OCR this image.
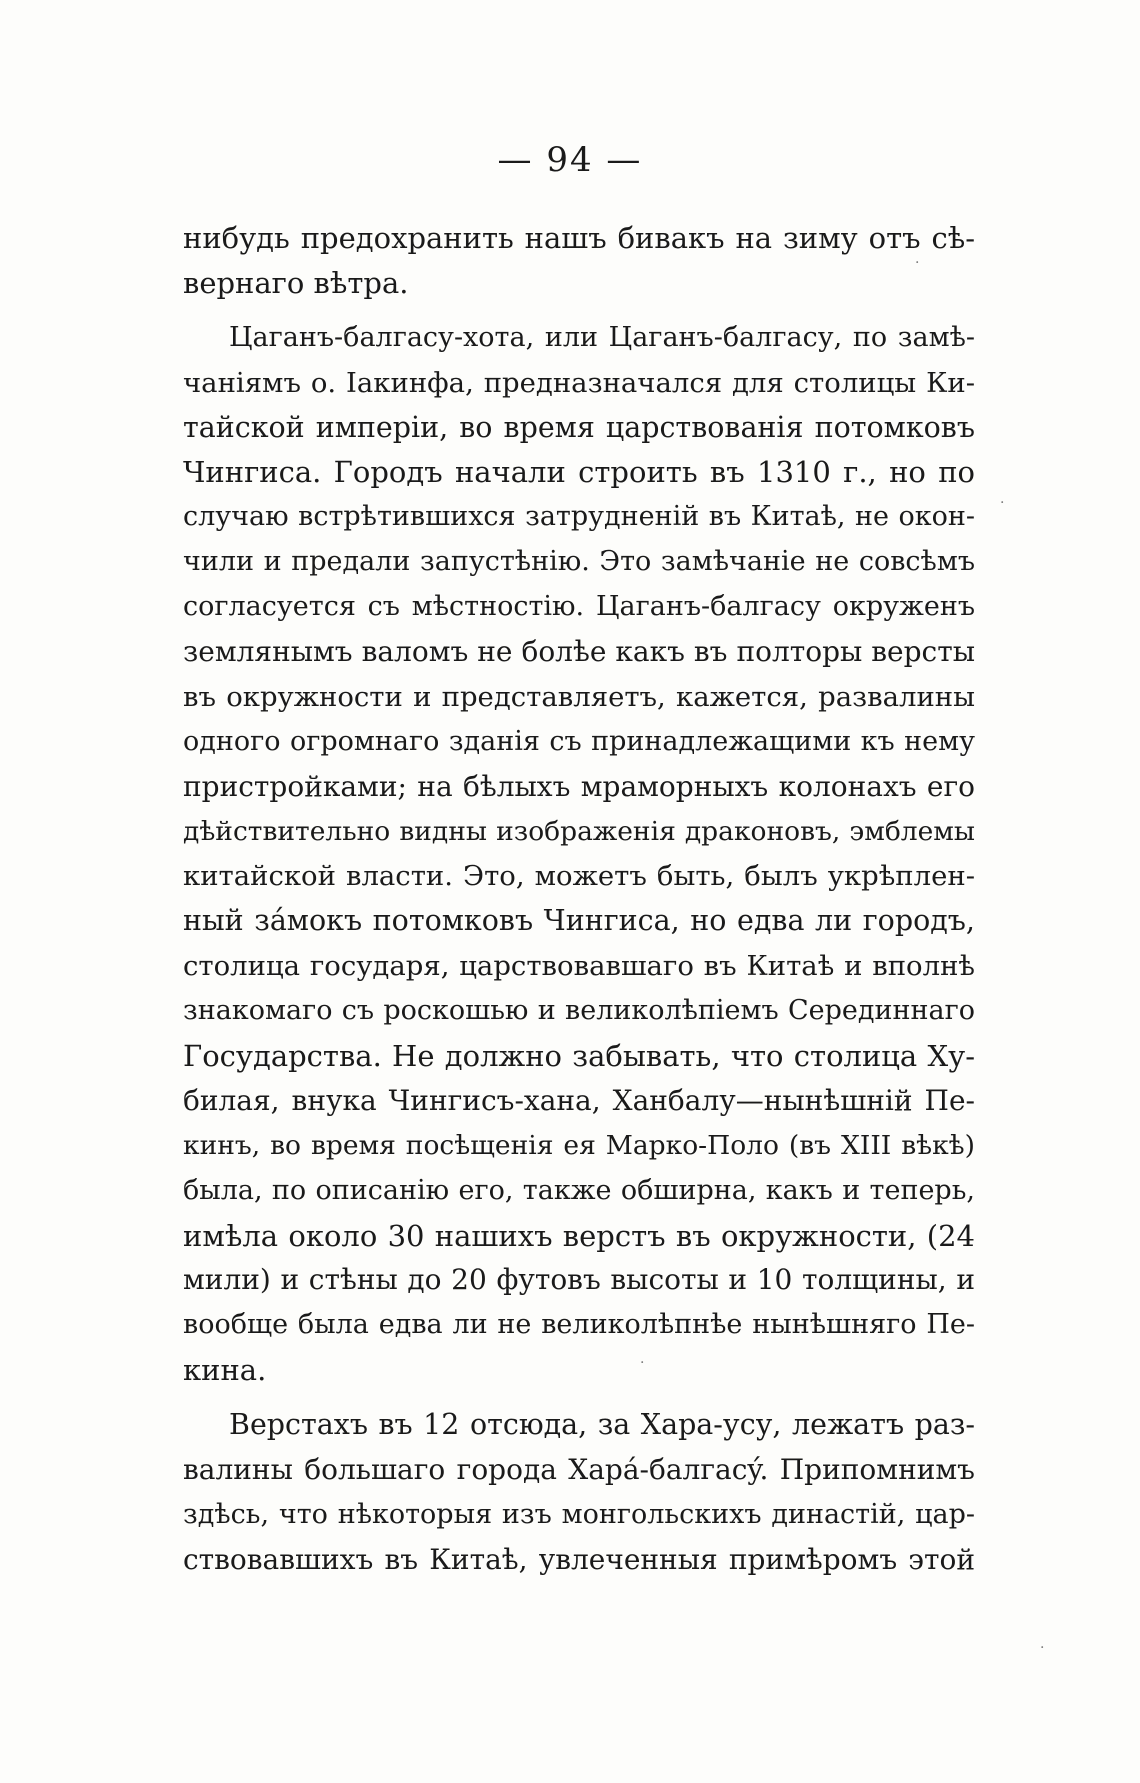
— 94 —
нибудь предохранить нашъ бивакъ на зиму отъ сѣ-
вернаго вѣтра.
Цаганъ-балгасу-хота, или Цаганъ-балгасу, по замѣ-
чаніямъ о. Іакинфа, предназначался для столицы Ки-
тайской имперіи, во время царствованія потомковъ
Чингиса. Городъ начали строить въ 1310 г., но по
случаю встрѣтившихся затрудненій въ Китаѣ, не окон-
чили и предали запустѣнію. Это замѣчаніе не совсѣмъ
согласуется съ мѣстностію. Цаганъ-балгасу окруженъ
землянымъ валомъ не болѣе какъ въ полторы версты
въ окружности и представляетъ, кажется, развалины
одного огромнаго зданія съ принадлежащими къ нему
пристройками; на бѣлыхъ мраморныхъ колонахъ его
дѣйствительно видны изображенія драконовъ, эмблемы
китайской власти. Это, можетъ быть, былъ укрѣплен-
ный зáмокъ потомковъ Чингиса, но едва ли городъ,
столица государя, царствовавшаго въ Китаѣ и вполнѣ
знакомаго съ роскошью и великолѣпіемъ Серединнаго
Государства. Не должно забывать, что столица Ху-
билая, внука Чингисъ-хана, Ханбалу—нынѣшній Пе-
кинъ, во время посѣщенія ея Марко-Поло (въ XIII вѣкѣ)
была, по описанію его, также обширна, какъ и теперь,
имѣла около 30 нашихъ верстъ въ окружности, (24
мили) и стѣны до 20 футовъ высоты и 10 толщины, и
вообще была едва ли не великолѣпнѣе нынѣшняго Пе-
кина.
Верстахъ въ 12 отсюда, за Хара-усу, лежатъ раз-
валины большаго города Харá-балгасý. Припомнимъ
здѣсь, что нѣкоторыя изъ монгольскихъ династій, цар-
ствовавшихъ въ Китаѣ, увлеченныя примѣромъ этой
·
·
·
·
